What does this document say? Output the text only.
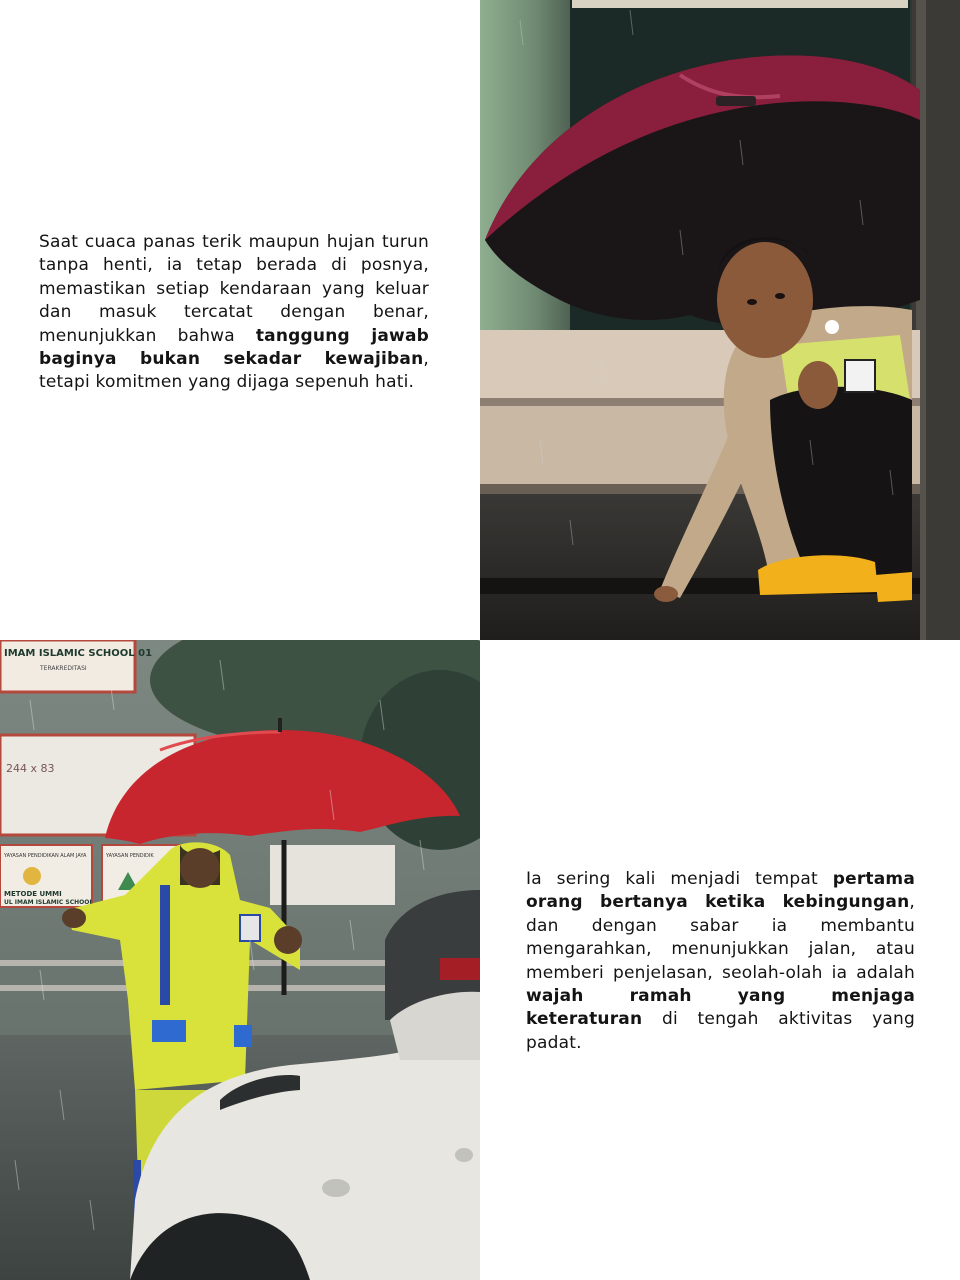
Saat cuaca panas terik maupun hujan turun tanpa henti, ia tetap berada di posnya, memastikan setiap kendaraan yang keluar dan masuk tercatat dengan benar, menunjukkan bahwa tanggung jawab baginya bukan sekadar kewajiban, tetapi komitmen yang dijaga sepenuh hati.

IMAM ISLAMIC SCHOOL 01
TERAKREDITASI
244 x 83
YAYASAN PENDIDIKAN ALAM JAYA
METODE UMMI
UL IMAM ISLAMIC SCHOOL
YAYASAN PENDIDIK

Ia sering kali menjadi tempat pertama orang bertanya ketika kebingungan, dan dengan sabar ia membantu mengarahkan, menunjukkan jalan, atau memberi penjelasan, seolah-olah ia adalah wajah ramah yang menjaga keteraturan di tengah aktivitas yang padat.
